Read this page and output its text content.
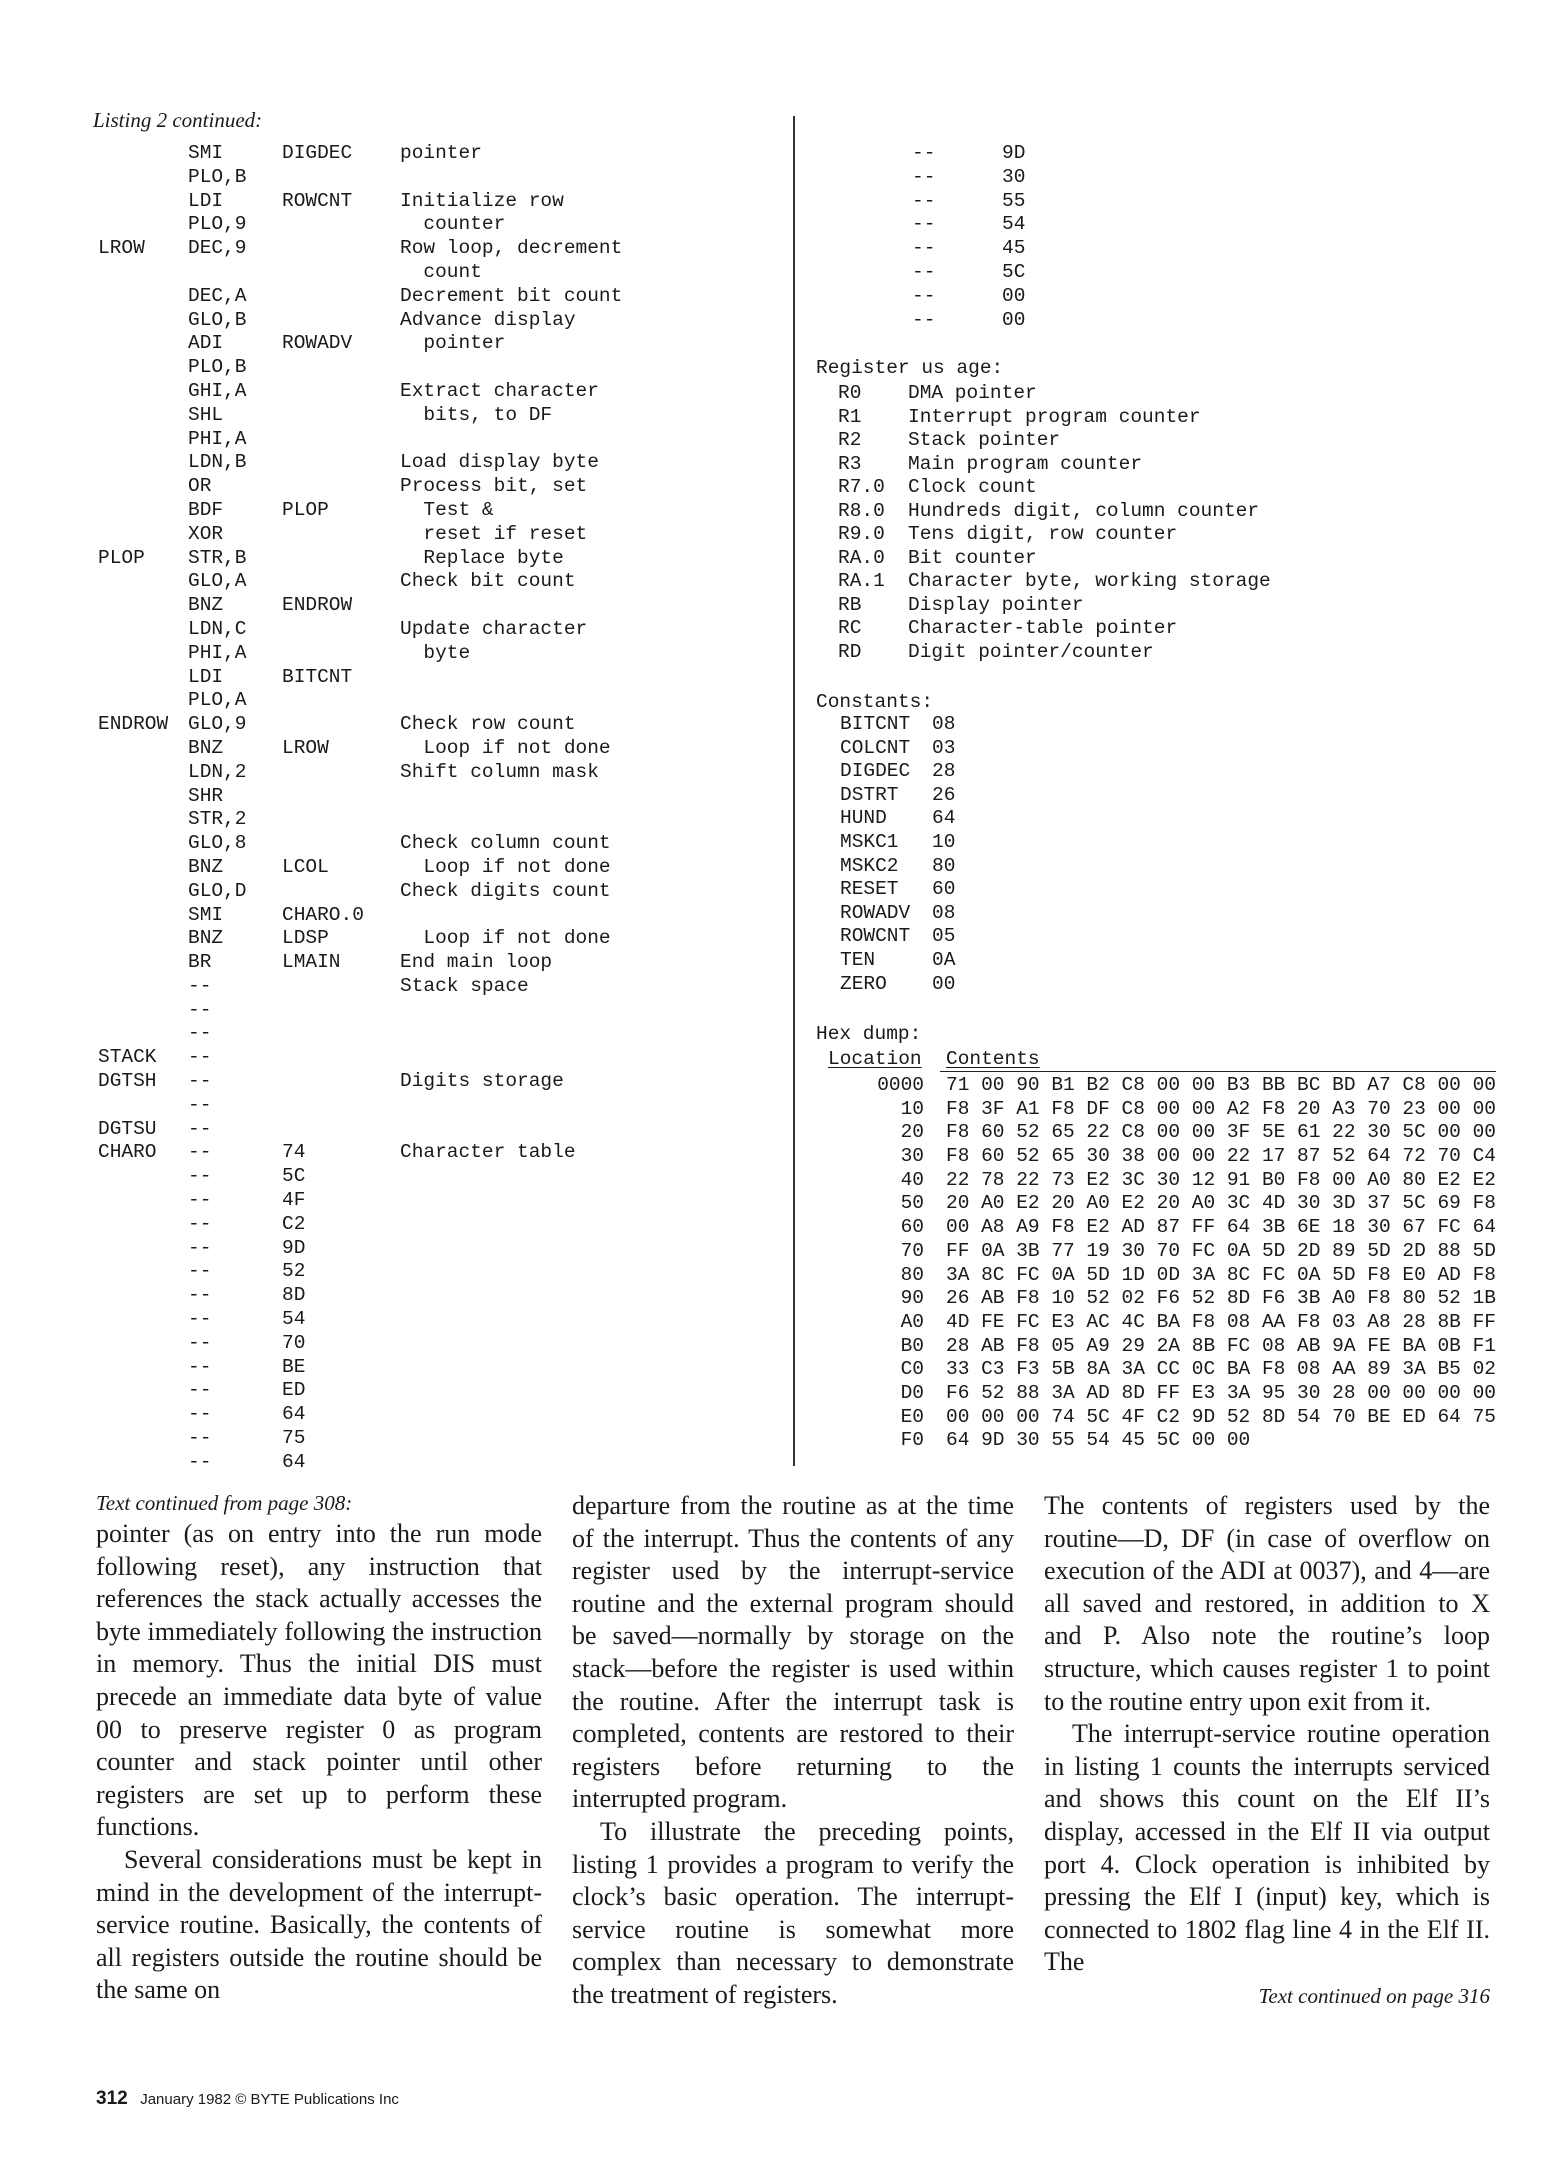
Listing 2 continued:
SMI	DIGDEC pointer
PLO,B
LDI	ROWCNT Initialize row
PLO,9	counter
LROW DEC,9	Row loop, decrement
count
DEC,A	Decrement bit count
GLO,B	Advance display
ADI	ROWADV pointer
PLO,B
GHI,A	Extract character
SHL	bits, to DF
PHI,A
LDN,B	Load display byte
OR	Process bit, set
BDF	PLOP	Test &
XOR	reset if reset
PLOP STR,B	Replace byte
GLO,A	Check bit count
BNZ	ENDROW
LDN,C	Update character
PHI,A	byte
LDI	BITCNT
PLO,A
ENDROW GLO,9	Check row count
BNZ	LROW	Loop if not done
LDN,2	Shift column mask
SHR
STR,2
GLO,8	Check column count
BNZ	LCOL	Loop if not done
GLO,D	Check digits count
SMI	CHARO.0
BNZ	LDSP	Loop if not done
BR	LMAIN	End main loop
--	Stack space
--
--
STACK --
DGTSH --	Digits storage
--
DGTSU --
CHARO --	74	Character table
--	5C
--	4F
--	C2
--	9D
--	52
--	8D
--	54
--	70
--	BE
--	ED
--	64
--	75
--	64
--	9D
--	30
--	55
--	54
--	45
--	5C
--	00
--	00
Register us age:
R0 DMA pointer
R1 Interrupt program counter
R2 Stack pointer
R3 Main program counter
R7.0 Clock count
R8.0 Hundreds digit, column counter
R9.0 Tens digit, row counter
RA.0 Bit counter
RA.1 Character byte, working storage
RB Display pointer
RC Character-table pointer
RD Digit pointer/counter
Constants:
BITCNT 08
COLCNT 03
DIGDEC 28
DSTRT 26
HUND 64
MSKC1 10
MSKC2 80
RESET 60
ROWADV 08
ROWCNT 05
TEN	0A
ZERO 00
Hex dump:

Location

Contents

0000 71 00 90 B1 B2 C8 00 00 B3 BB BC BD A7 C8 00 00
10 F8 3F A1 F8 DF C8 00 00 A2 F8 20 A3 70 23 00 00
20 F8 60 52 65 22 C8 00 00 3F 5E 61 22 30 5C 00 00
30 F8 60 52 65 30 38 00 00 22 17 87 52 64 72 70 C4
40 22 78 22 73 E2 3C 30 12 91 B0 F8 00 A0 80 E2 E2
50 20 A0 E2 20 A0 E2 20 A0 3C 4D 30 3D 37 5C 69 F8
60 00 A8 A9 F8 E2 AD 87 FF 64 3B 6E 18 30 67 FC 64
70 FF 0A 3B 77 19 30 70 FC 0A 5D 2D 89 5D 2D 88 5D
80 3A 8C FC 0A 5D 1D 0D 3A 8C FC 0A 5D F8 E0 AD F8
90 26 AB F8 10 52 02 F6 52 8D F6 3B A0 F8 80 52 1B
A0 4D FE FC E3 AC 4C BA F8 08 AA F8 03 A8 28 8B FF
B0 28 AB F8 05 A9 29 2A 8B FC 08 AB 9A FE BA 0B F1
C0 33 C3 F3 5B 8A 3A CC 0C BA F8 08 AA 89 3A B5 02
D0 F6 52 88 3A AD 8D FF E3 3A 95 30 28 00 00 00 00
E0 00 00 00 74 5C 4F C2 9D 52 8D 54 70 BE ED 64 75
F0 64 9D 30 55 54 45 5C 00 00
Text continued from page 308:

pointer (as on entry into the run mode following reset), any instruction that references the stack actually accesses the byte immediately following the instruction in memory. Thus the initial DIS must precede an immediate data byte of value 00 to preserve register 0 as program counter and stack pointer until other registers are set up to perform these functions.

Several considerations must be kept in mind in the development of the interrupt-service routine. Basically, the contents of all registers outside the routine should be the same on

departure from the routine as at the time of the interrupt. Thus the contents of any register used by the interrupt-service routine and the external program should be saved—normally by storage on the stack—before the register is used within the routine. After the interrupt task is completed, contents are restored to their registers before returning to the interrupted program.

To illustrate the preceding points, listing 1 provides a program to verify the clock’s basic operation. The interrupt-service routine is somewhat more complex than necessary to demonstrate the treatment of registers.

The contents of registers used by the routine—D, DF (in case of overflow on execution of the ADI at 0037), and 4—are all saved and restored, in addition to X and P. Also note the routine’s loop structure, which causes register 1 to point to the routine entry upon exit from it.

The interrupt-service routine operation in listing 1 counts the interrupts serviced and shows this count on the Elf II’s display, accessed in the Elf II via output port 4. Clock operation is inhibited by pressing the Elf I (input) key, which is connected to 1802 flag line 4 in the Elf II. The

Text continued on page 316
312 January 1982 © BYTE Publications Inc
